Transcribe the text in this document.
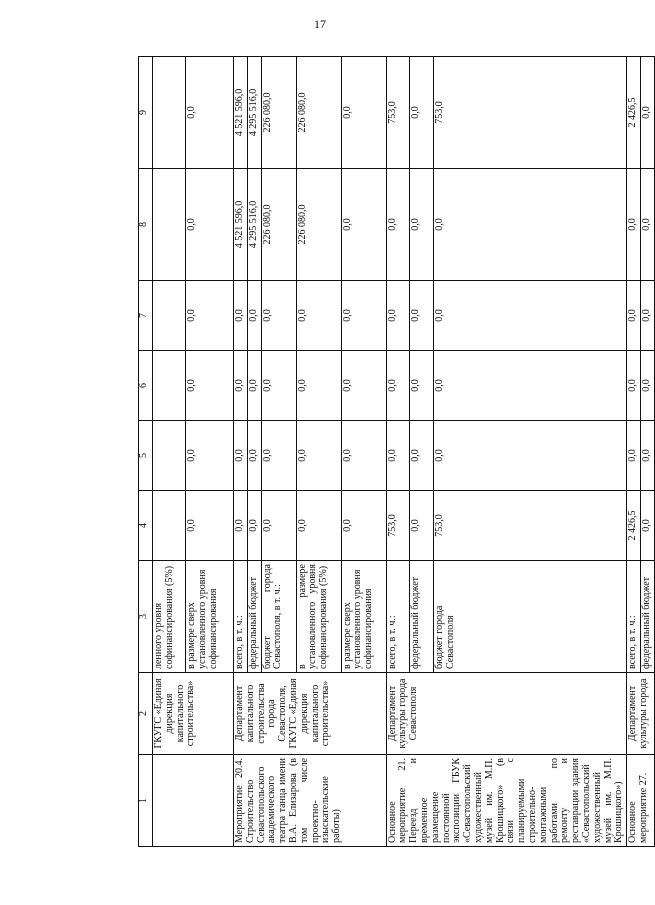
17
1	2	3	4	5	6	7	8	9
	ГКУГС «Единая дирекция капитального строительства»	ленного уровня софинансирования (5%)						
		в размере сверх установленного уровня софинансирования	0,0	0,0	0,0	0,0	0,0	0,0
Мероприятие 20.4. Строительство Севастопольского академического театра танца имени В.А. Елизарова (в том числе проектно-изыскательские работы)	Департамент капитального строительства города Севастополя, ГКУГС «Единая дирекция капитального строительства»	всего, в т. ч.:	0,0	0,0	0,0	0,0	4 521 596,0	4 521 596,0
		федеральный бюджет	0,0	0,0	0,0	0,0	4 295 516,0	4 295 516,0
		бюджет города Севастополя, в т. ч.:	0,0	0,0	0,0	0,0	226 080,0	226 080,0
		в размере установленного уровня софинансирования (5%)	0,0	0,0	0,0	0,0	226 080,0	226 080,0
		в размере сверх установленного уровня софинансирования	0,0	0,0	0,0	0,0	0,0	0,0
Основное мероприятие 21. Переезд и временное размещение постоянной экспозиции ГБУК «Севастопольский художественный музей им. М.П. Крошицкого» (в связи с планируемыми строительно-монтажными работами по ремонту и реставрации здания «Севастопольский художественный музей им. М.П. Крошицкого»)	Департамент культуры города Севастополя	всего, в т. ч.:	753,0	0,0	0,0	0,0	0,0	753,0
		федеральный бюджет	0,0	0,0	0,0	0,0	0,0	0,0
		бюджет города Севастополя	753,0	0,0	0,0	0,0	0,0	753,0
Основное мероприятие 27.	Департамент культуры города	всего, в т. ч.:	2 426,5	0,0	0,0	0,0	0,0	2 426,5
		федеральный бюджет	0,0	0,0	0,0	0,0	0,0	0,0
